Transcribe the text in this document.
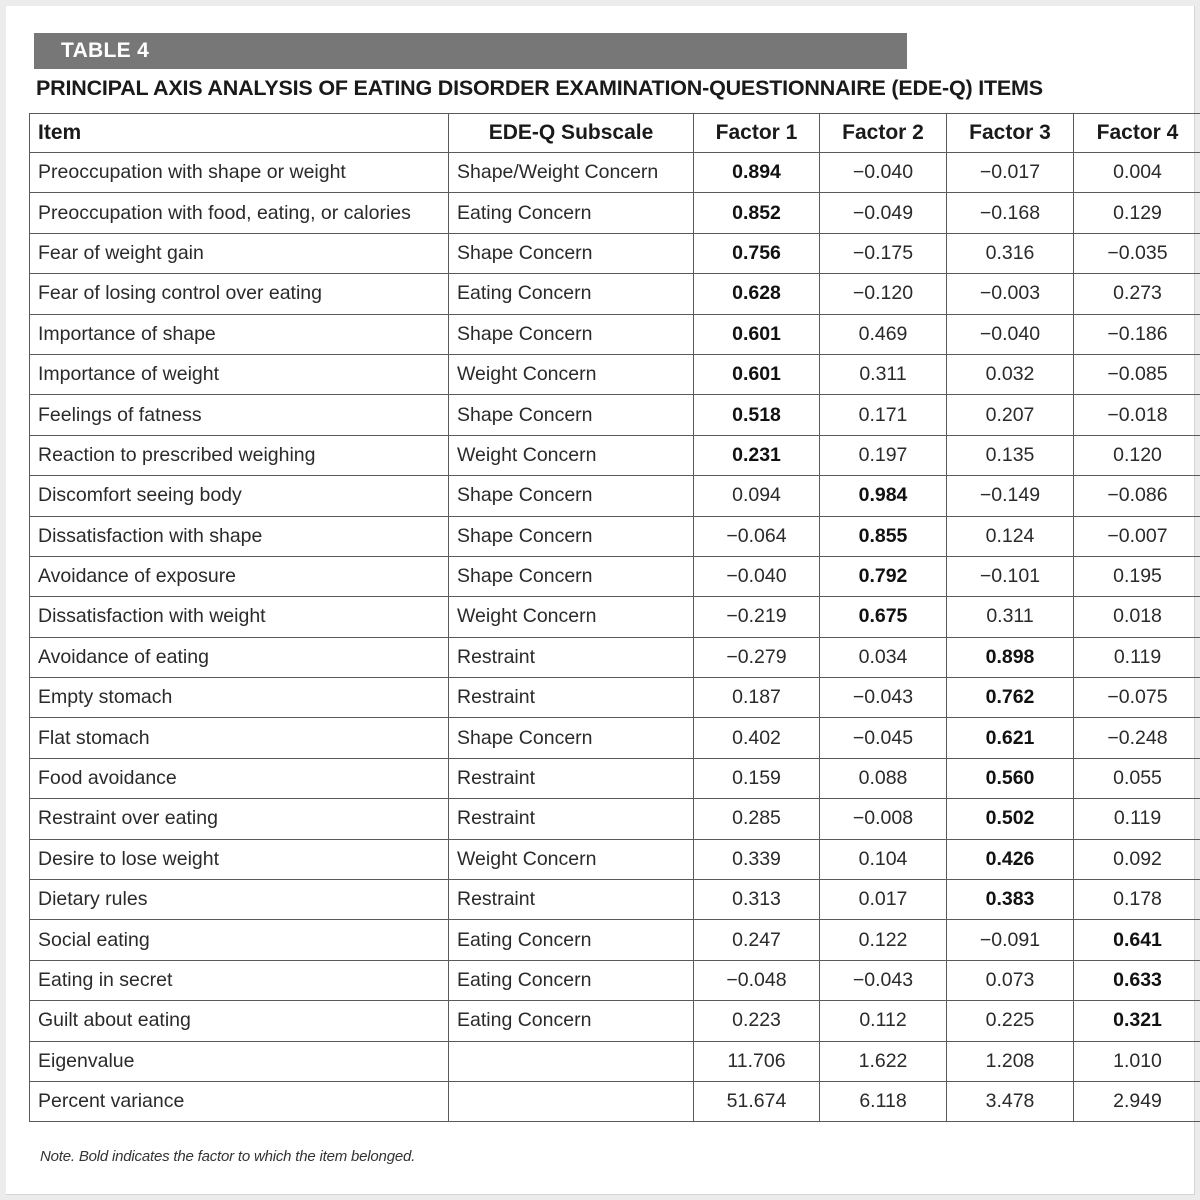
TABLE 4
PRINCIPAL AXIS ANALYSIS OF EATING DISORDER EXAMINATION-QUESTIONNAIRE (EDE-Q) ITEMS
Item	EDE-Q Subscale	Factor 1	Factor 2	Factor 3	Factor 4
Preoccupation with shape or weight	Shape/Weight Concern	0.894	−0.040	−0.017	0.004
Preoccupation with food, eating, or calories	Eating Concern	0.852	−0.049	−0.168	0.129
Fear of weight gain	Shape Concern	0.756	−0.175	0.316	−0.035
Fear of losing control over eating	Eating Concern	0.628	−0.120	−0.003	0.273
Importance of shape	Shape Concern	0.601	0.469	−0.040	−0.186
Importance of weight	Weight Concern	0.601	0.311	0.032	−0.085
Feelings of fatness	Shape Concern	0.518	0.171	0.207	−0.018
Reaction to prescribed weighing	Weight Concern	0.231	0.197	0.135	0.120
Discomfort seeing body	Shape Concern	0.094	0.984	−0.149	−0.086
Dissatisfaction with shape	Shape Concern	−0.064	0.855	0.124	−0.007
Avoidance of exposure	Shape Concern	−0.040	0.792	−0.101	0.195
Dissatisfaction with weight	Weight Concern	−0.219	0.675	0.311	0.018
Avoidance of eating	Restraint	−0.279	0.034	0.898	0.119
Empty stomach	Restraint	0.187	−0.043	0.762	−0.075
Flat stomach	Shape Concern	0.402	−0.045	0.621	−0.248
Food avoidance	Restraint	0.159	0.088	0.560	0.055
Restraint over eating	Restraint	0.285	−0.008	0.502	0.119
Desire to lose weight	Weight Concern	0.339	0.104	0.426	0.092
Dietary rules	Restraint	0.313	0.017	0.383	0.178
Social eating	Eating Concern	0.247	0.122	−0.091	0.641
Eating in secret	Eating Concern	−0.048	−0.043	0.073	0.633
Guilt about eating	Eating Concern	0.223	0.112	0.225	0.321
Eigenvalue		11.706	1.622	1.208	1.010
Percent variance		51.674	6.118	3.478	2.949
Note. Bold indicates the factor to which the item belonged.
